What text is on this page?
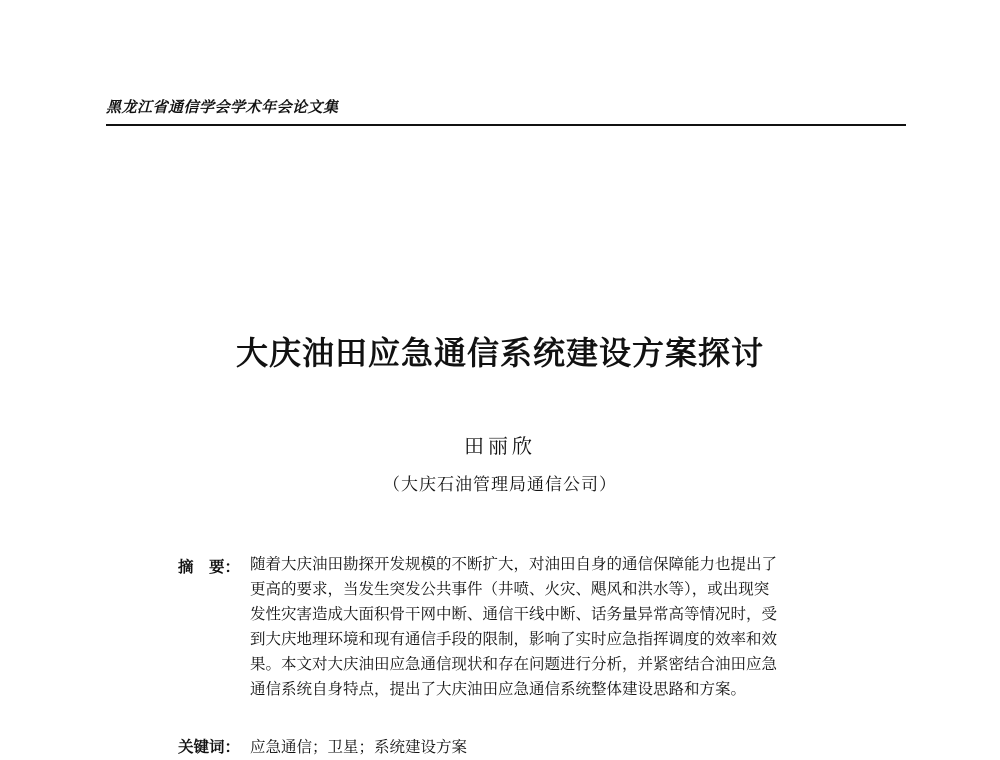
黑龙江省通信学会学术年会论文集
大庆油田应急通信系统建设方案探讨
田丽欣
（大庆石油管理局通信公司）
摘　要： 随着大庆油田勘探开发规模的不断扩大，对油田自身的通信保障能力也提出了
更高的要求，当发生突发公共事件（井喷、火灾、飓风和洪水等），或出现突
发性灾害造成大面积骨干网中断、通信干线中断、话务量异常高等情况时，受
到大庆地理环境和现有通信手段的限制，影响了实时应急指挥调度的效率和效
果。本文对大庆油田应急通信现状和存在问题进行分析，并紧密结合油田应急
通信系统自身特点，提出了大庆油田应急通信系统整体建设思路和方案。
关键词： 应急通信；卫星；系统建设方案
